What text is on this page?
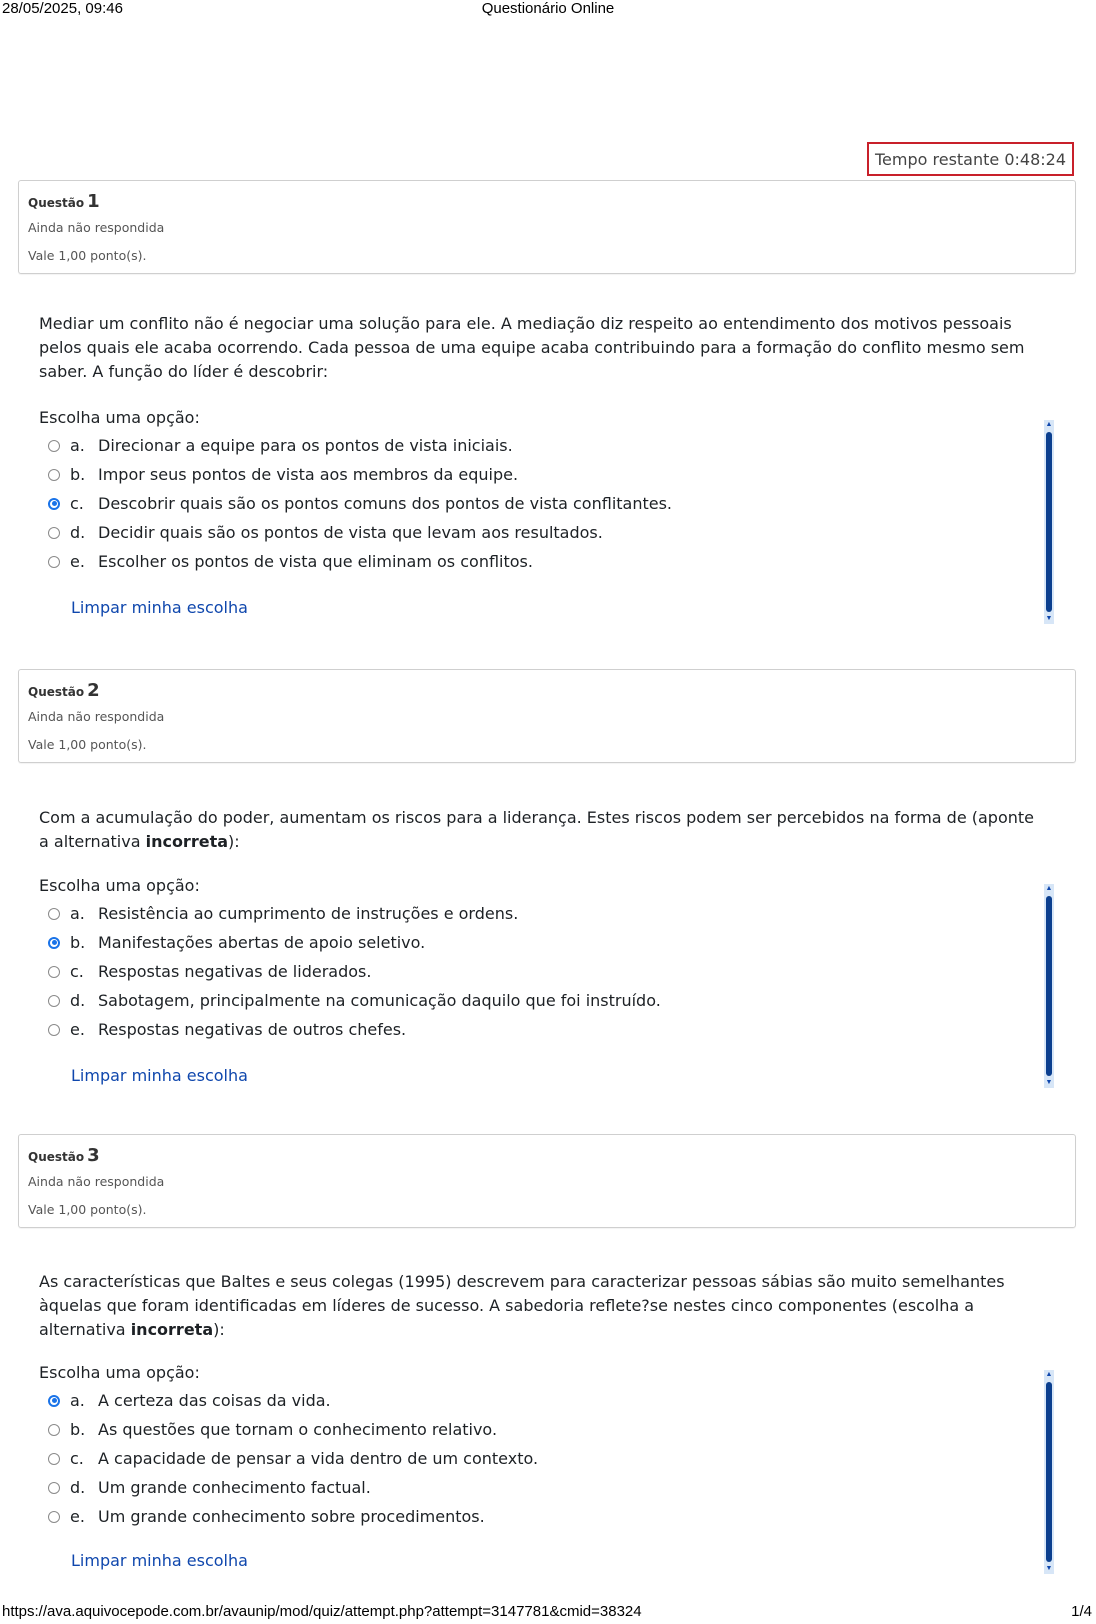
28/05/2025, 09:46	Questionário Online
Tempo restante 0:48:24
Questão 1
Ainda não respondida
Vale 1,00 ponto(s).
Mediar um conflito não é negociar uma solução para ele. A mediação diz respeito ao entendimento dos motivos pessoais pelos quais ele acaba ocorrendo. Cada pessoa de uma equipe acaba contribuindo para a formação do conflito mesmo sem saber. A função do líder é descobrir:
Escolha uma opção:
a. Direcionar a equipe para os pontos de vista iniciais.
b. Impor seus pontos de vista aos membros da equipe.
c. Descobrir quais são os pontos comuns dos pontos de vista conflitantes.
d. Decidir quais são os pontos de vista que levam aos resultados.
e. Escolher os pontos de vista que eliminam os conflitos.
Limpar minha escolha
▲
▼
Questão 2
Ainda não respondida
Vale 1,00 ponto(s).
Com a acumulação do poder, aumentam os riscos para a liderança. Estes riscos podem ser percebidos na forma de (aponte a alternativa incorreta):
Escolha uma opção:
a. Resistência ao cumprimento de instruções e ordens.
b. Manifestações abertas de apoio seletivo.
c. Respostas negativas de liderados.
d. Sabotagem, principalmente na comunicação daquilo que foi instruído.
e. Respostas negativas de outros chefes.
Limpar minha escolha
▲
▼
Questão 3
Ainda não respondida
Vale 1,00 ponto(s).
As características que Baltes e seus colegas (1995) descrevem para caracterizar pessoas sábias são muito semelhantes àquelas que foram identificadas em líderes de sucesso. A sabedoria reflete?se nestes cinco componentes (escolha a alternativa incorreta):
Escolha uma opção:
a. A certeza das coisas da vida.
b. As questões que tornam o conhecimento relativo.
c. A capacidade de pensar a vida dentro de um contexto.
d. Um grande conhecimento factual.
e. Um grande conhecimento sobre procedimentos.
Limpar minha escolha
▲
▼
https://ava.aquivocepode.com.br/avaunip/mod/quiz/attempt.php?attempt=3147781&cmid=38324	1/4
